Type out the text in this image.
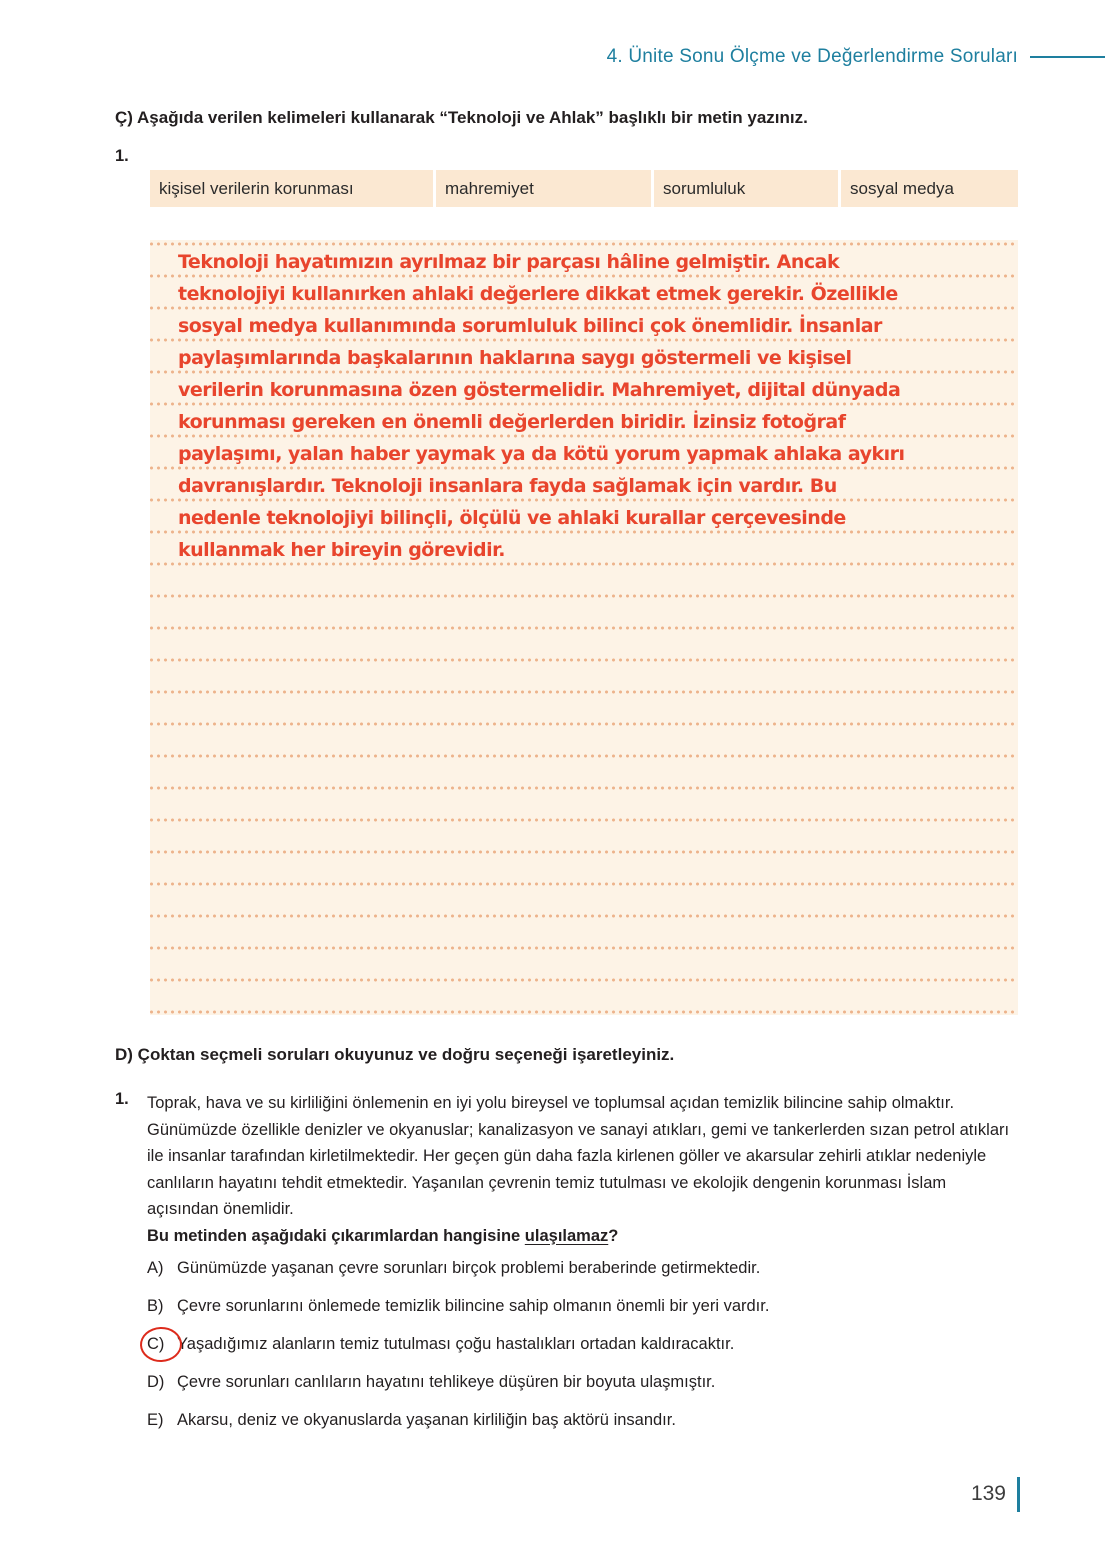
4. Ünite Sonu Ölçme ve Değerlendirme Soruları
Ç) Aşağıda verilen kelimeleri kullanarak “Teknoloji ve Ahlak” başlıklı bir metin yazınız.
1.
kişisel verilerin korunması	mahremiyet	sorumluluk	sosyal medya
Teknoloji hayatımızın ayrılmaz bir parçası hâline gelmiştir. Ancak
teknolojiyi kullanırken ahlaki değerlere dikkat etmek gerekir. Özellikle
sosyal medya kullanımında sorumluluk bilinci çok önemlidir. İnsanlar
paylaşımlarında başkalarının haklarına saygı göstermeli ve kişisel
verilerin korunmasına özen göstermelidir. Mahremiyet, dijital dünyada
korunması gereken en önemli değerlerden biridir. İzinsiz fotoğraf
paylaşımı, yalan haber yaymak ya da kötü yorum yapmak ahlaka aykırı
davranışlardır. Teknoloji insanlara fayda sağlamak için vardır. Bu
nedenle teknolojiyi bilinçli, ölçülü ve ahlaki kurallar çerçevesinde
kullanmak her bireyin görevidir.
D) Çoktan seçmeli soruları okuyunuz ve doğru seçeneği işaretleyiniz.
1. Toprak, hava ve su kirliliğini önlemenin en iyi yolu bireysel ve toplumsal açıdan temizlik bilincine sahip olmaktır. Günümüzde özellikle denizler ve okyanuslar; kanalizasyon ve sanayi atıkları, gemi ve tankerlerden sızan petrol atıkları ile insanlar tarafından kirletilmektedir. Her geçen gün daha fazla kirlenen göller ve akarsular zehirli atıklar nedeniyle canlıların hayatını tehdit etmektedir. Yaşanılan çevrenin temiz tutulması ve ekolojik dengenin korunması İslam açısından önemlidir.
Bu metinden aşağıdaki çıkarımlardan hangisine ulaşılamaz?
A) Günümüzde yaşanan çevre sorunları birçok problemi beraberinde getirmektedir.
B) Çevre sorunlarını önlemede temizlik bilincine sahip olmanın önemli bir yeri vardır.
C) Yaşadığımız alanların temiz tutulması çoğu hastalıkları ortadan kaldıracaktır.
D) Çevre sorunları canlıların hayatını tehlikeye düşüren bir boyuta ulaşmıştır.
E) Akarsu, deniz ve okyanuslarda yaşanan kirliliğin baş aktörü insandır.
139
